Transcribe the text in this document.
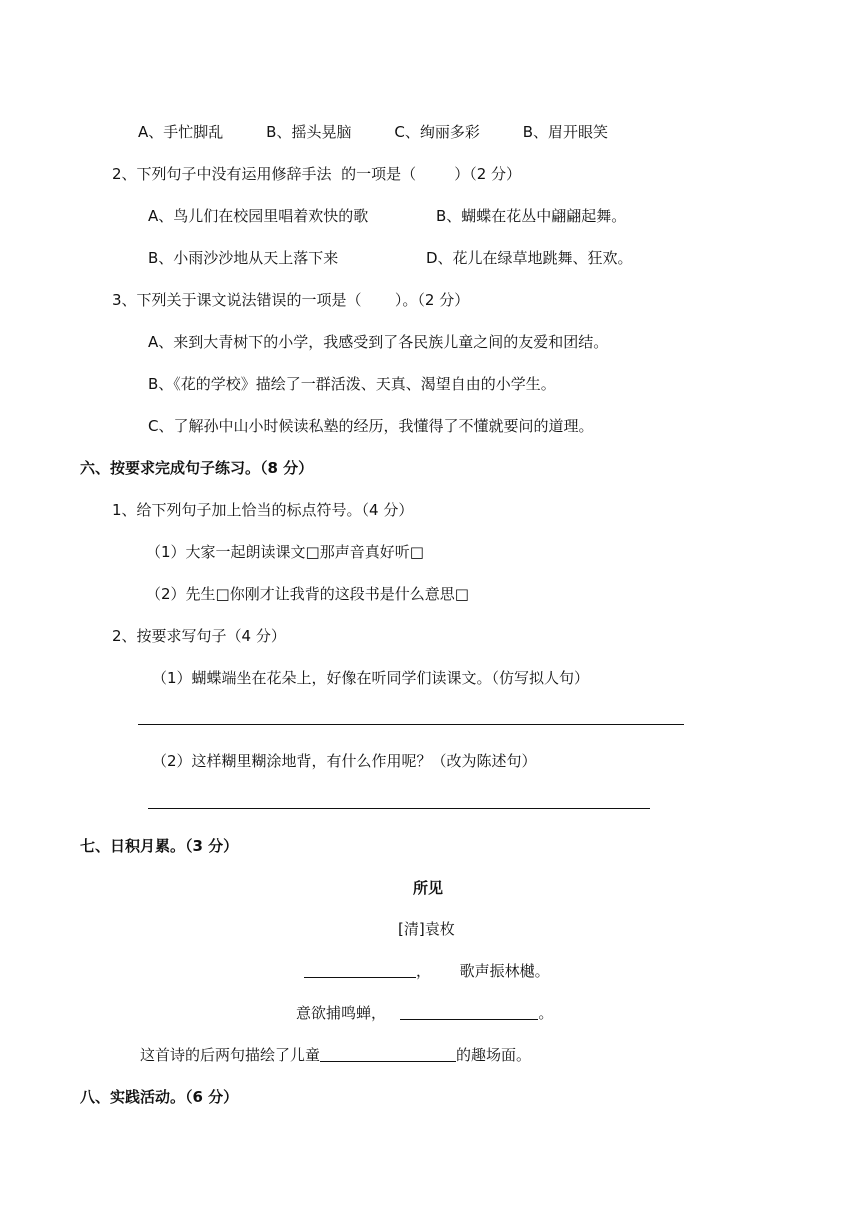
A、手忙脚乱         B、摇头晃脑         C、绚丽多彩         B、眉开眼笑
2、下列句子中没有运用修辞手法  的一项是（        ）（2 分）
A、鸟儿们在校园里唱着欢快的歌	B、蝴蝶在花丛中翩翩起舞。
B、小雨沙沙地从天上落下来	D、花儿在绿草地跳舞、狂欢。
3、下列关于课文说法错误的一项是（       ）。（2 分）
A、来到大青树下的小学，我感受到了各民族儿童之间的友爱和团结。
B、《花的学校》描绘了一群活泼、天真、渴望自由的小学生。
C、了解孙中山小时候读私塾的经历，我懂得了不懂就要问的道理。
六、按要求完成句子练习。（8 分）
1、给下列句子加上恰当的标点符号。（4 分）
（1）大家一起朗读课文□那声音真好听□
（2）先生□你刚才让我背的这段书是什么意思□
2、按要求写句子（4 分）
（1）蝴蝶端坐在花朵上，好像在听同学们读课文。（仿写拟人句）
（2）这样糊里糊涂地背，有什么作用呢？（改为陈述句）
七、日积月累。（3 分）
所见
[清]袁枚
，      歌声振林樾。
意欲捕鸣蝉，	。
这首诗的后两句描绘了儿童	的趣场面。
八、实践活动。（6 分）
